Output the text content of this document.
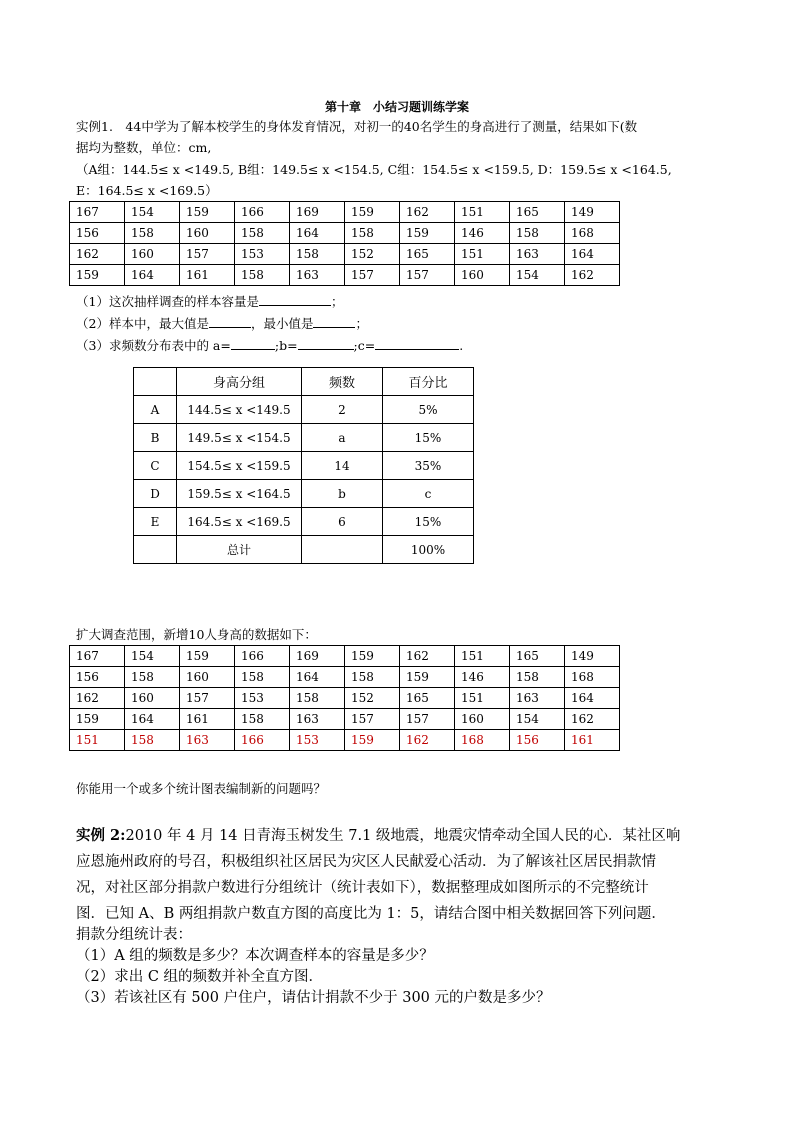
第十章　小结习题训练学案
实例1.　44中学为了解本校学生的身体发育情况，对初一的40名学生的身高进行了测量，结果如下(数
据均为整数，单位：cm,
（A组：144.5≤ x <149.5, B组：149.5≤ x <154.5, C组：154.5≤ x <159.5, D：159.5≤ x <164.5,
E：164.5≤ x <169.5）
167	154	159	166	169	159	162	151	165	149
156	158	160	158	164	158	159	146	158	168
162	160	157	153	158	152	165	151	163	164
159	164	161	158	163	157	157	160	154	162
（1）这次抽样调查的样本容量是	；
（2）样本中，最大值是	，最小值是	；
（3）求频数分布表中的 a=	;b=	;c=	.
	身高分组	频数	百分比
A	144.5≤ x <149.5	2	5%
B	149.5≤ x <154.5	a	15%
C	154.5≤ x <159.5	14	35%
D	159.5≤ x <164.5	b	c
E	164.5≤ x <169.5	6	15%
	总计		100%
扩大调查范围，新增10人身高的数据如下：
167	154	159	166	169	159	162	151	165	149
156	158	160	158	164	158	159	146	158	168
162	160	157	153	158	152	165	151	163	164
159	164	161	158	163	157	157	160	154	162
151	158	163	166	153	159	162	168	156	161
你能用一个或多个统计图表编制新的问题吗？
实例 2:2010 年 4 月 14 日青海玉树发生 7.1 级地震，地震灾情牵动全国人民的心．某社区响
应恩施州政府的号召，积极组织社区居民为灾区人民献爱心活动．为了解该社区居民捐款情
况，对社区部分捐款户数进行分组统计（统计表如下），数据整理成如图所示的不完整统计
图．已知 A、B 两组捐款户数直方图的高度比为 1：5，请结合图中相关数据回答下列问题．
捐款分组统计表：
（1）A 组的频数是多少？本次调查样本的容量是多少？
（2）求出 C 组的频数并补全直方图．
（3）若该社区有 500 户住户，请估计捐款不少于 300 元的户数是多少？
